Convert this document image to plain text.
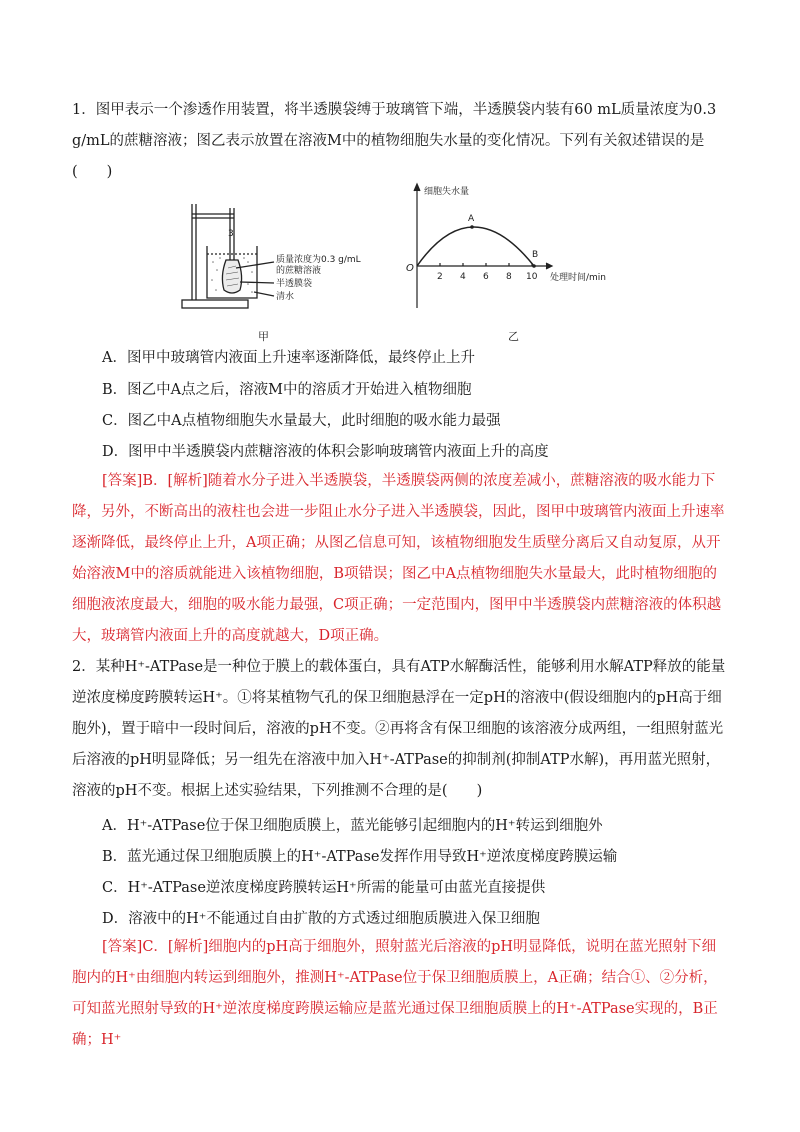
1．图甲表示一个渗透作用装置，将半透膜袋缚于玻璃管下端，半透膜袋内装有60 mL质量浓度为0.3 g/mL的蔗糖溶液；图乙表示放置在溶液M中的植物细胞失水量的变化情况。下列有关叙述错误的是(　　)

3
质量浓度为0.3 g/mL
的蔗糖溶液
半透膜袋
清水
甲
细胞失水量
O
A
B
2 4 6 8 10 处理时间/min
乙

A．图甲中玻璃管内液面上升速率逐渐降低，最终停止上升

B．图乙中A点之后，溶液M中的溶质才开始进入植物细胞

C．图乙中A点植物细胞失水量最大，此时细胞的吸水能力最强

D．图甲中半透膜袋内蔗糖溶液的体积会影响玻璃管内液面上升的高度

[答案]B．[解析]随着水分子进入半透膜袋，半透膜袋两侧的浓度差减小，蔗糖溶液的吸水能力下降，另外，不断高出的液柱也会进一步阻止水分子进入半透膜袋，因此，图甲中玻璃管内液面上升速率逐渐降低，最终停止上升，A项正确；从图乙信息可知，该植物细胞发生质壁分离后又自动复原，从开始溶液M中的溶质就能进入该植物细胞，B项错误；图乙中A点植物细胞失水量最大，此时植物细胞的细胞液浓度最大，细胞的吸水能力最强，C项正确；一定范围内，图甲中半透膜袋内蔗糖溶液的体积越大，玻璃管内液面上升的高度就越大，D项正确。

2．某种H⁺-ATPase是一种位于膜上的载体蛋白，具有ATP水解酶活性，能够利用水解ATP释放的能量逆浓度梯度跨膜转运H⁺。①将某植物气孔的保卫细胞悬浮在一定pH的溶液中(假设细胞内的pH高于细胞外)，置于暗中一段时间后，溶液的pH不变。②再将含有保卫细胞的该溶液分成两组，一组照射蓝光后溶液的pH明显降低；另一组先在溶液中加入H⁺-ATPase的抑制剂(抑制ATP水解)，再用蓝光照射，溶液的pH不变。根据上述实验结果，下列推测不合理的是(　　)

A．H⁺-ATPase位于保卫细胞质膜上，蓝光能够引起细胞内的H⁺转运到细胞外

B．蓝光通过保卫细胞质膜上的H⁺-ATPase发挥作用导致H⁺逆浓度梯度跨膜运输

C．H⁺-ATPase逆浓度梯度跨膜转运H⁺所需的能量可由蓝光直接提供

D．溶液中的H⁺不能通过自由扩散的方式透过细胞质膜进入保卫细胞

[答案]C．[解析]细胞内的pH高于细胞外，照射蓝光后溶液的pH明显降低，说明在蓝光照射下细胞内的H⁺由细胞内转运到细胞外，推测H⁺-ATPase位于保卫细胞质膜上，A正确；结合①、②分析，可知蓝光照射导致的H⁺逆浓度梯度跨膜运输应是蓝光通过保卫细胞质膜上的H⁺-ATPase实现的，B正确；H⁺
